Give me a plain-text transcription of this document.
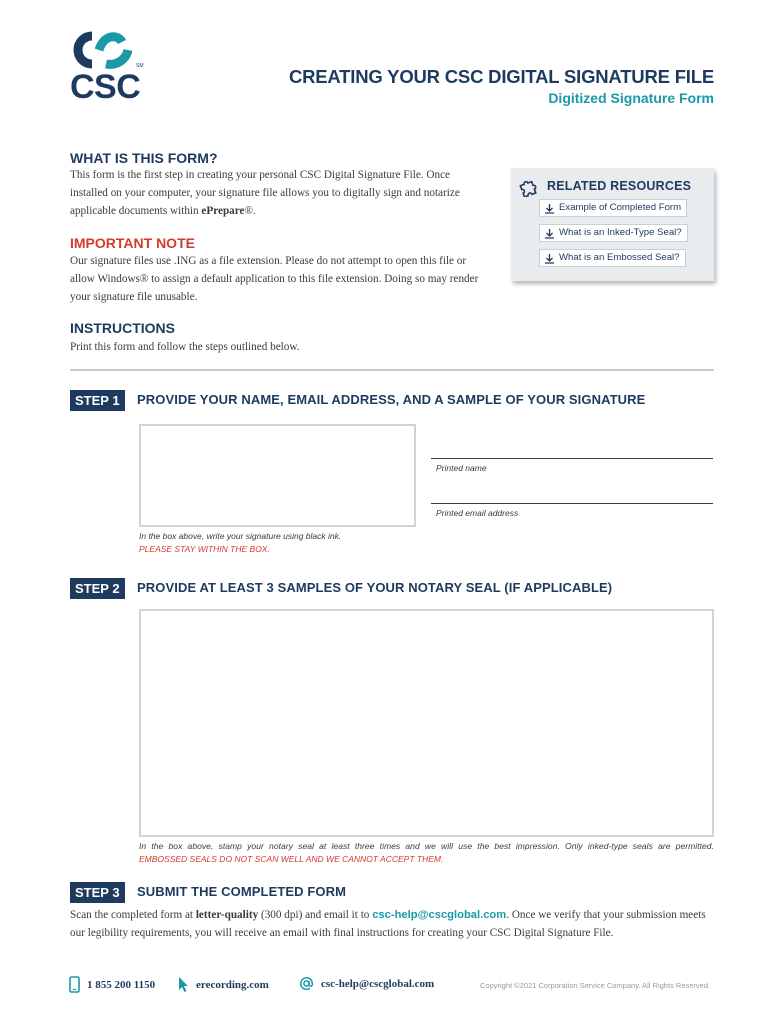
CSC
SM	CREATING YOUR CSC DIGITAL SIGNATURE FILE
Digitized Signature Form
WHAT IS THIS FORM?
This form is the first step in creating your personal CSC Digital Signature File. Once installed on your computer, your signature file allows you to digitally sign and notarize applicable documents within ePrepare®.
IMPORTANT NOTE
Our signature files use .ING as a file extension. Please do not attempt to open this file or allow Windows® to assign a default application to this file extension. Doing so may render your signature file unusable.
RELATED RESOURCES
Example of Completed Form
What is an Inked-Type Seal?
What is an Embossed Seal?
INSTRUCTIONS
Print this form and follow the steps outlined below.
STEP 1	PROVIDE YOUR NAME, EMAIL ADDRESS, AND A SAMPLE OF YOUR SIGNATURE
Printed name
Printed email address
In the box above, write your signature using black ink.
PLEASE STAY WITHIN THE BOX.
STEP 2	PROVIDE AT LEAST 3 SAMPLES OF YOUR NOTARY SEAL (IF APPLICABLE)
In the box above, stamp your notary seal at least three times and we will use the best impression. Only inked-type seals are permitted.
EMBOSSED SEALS DO NOT SCAN WELL AND WE CANNOT ACCEPT THEM.
STEP 3	SUBMIT THE COMPLETED FORM
Scan the completed form at letter-quality (300 dpi) and email it to csc-help@cscglobal.com. Once we verify that your submission meets our legibility requirements, you will receive an email with final instructions for creating your CSC Digital Signature File.
1 855 200 1150	erecording.com	csc-help@cscglobal.com	Copyright ©2021 Corporation Service Company. All Rights Reserved.
